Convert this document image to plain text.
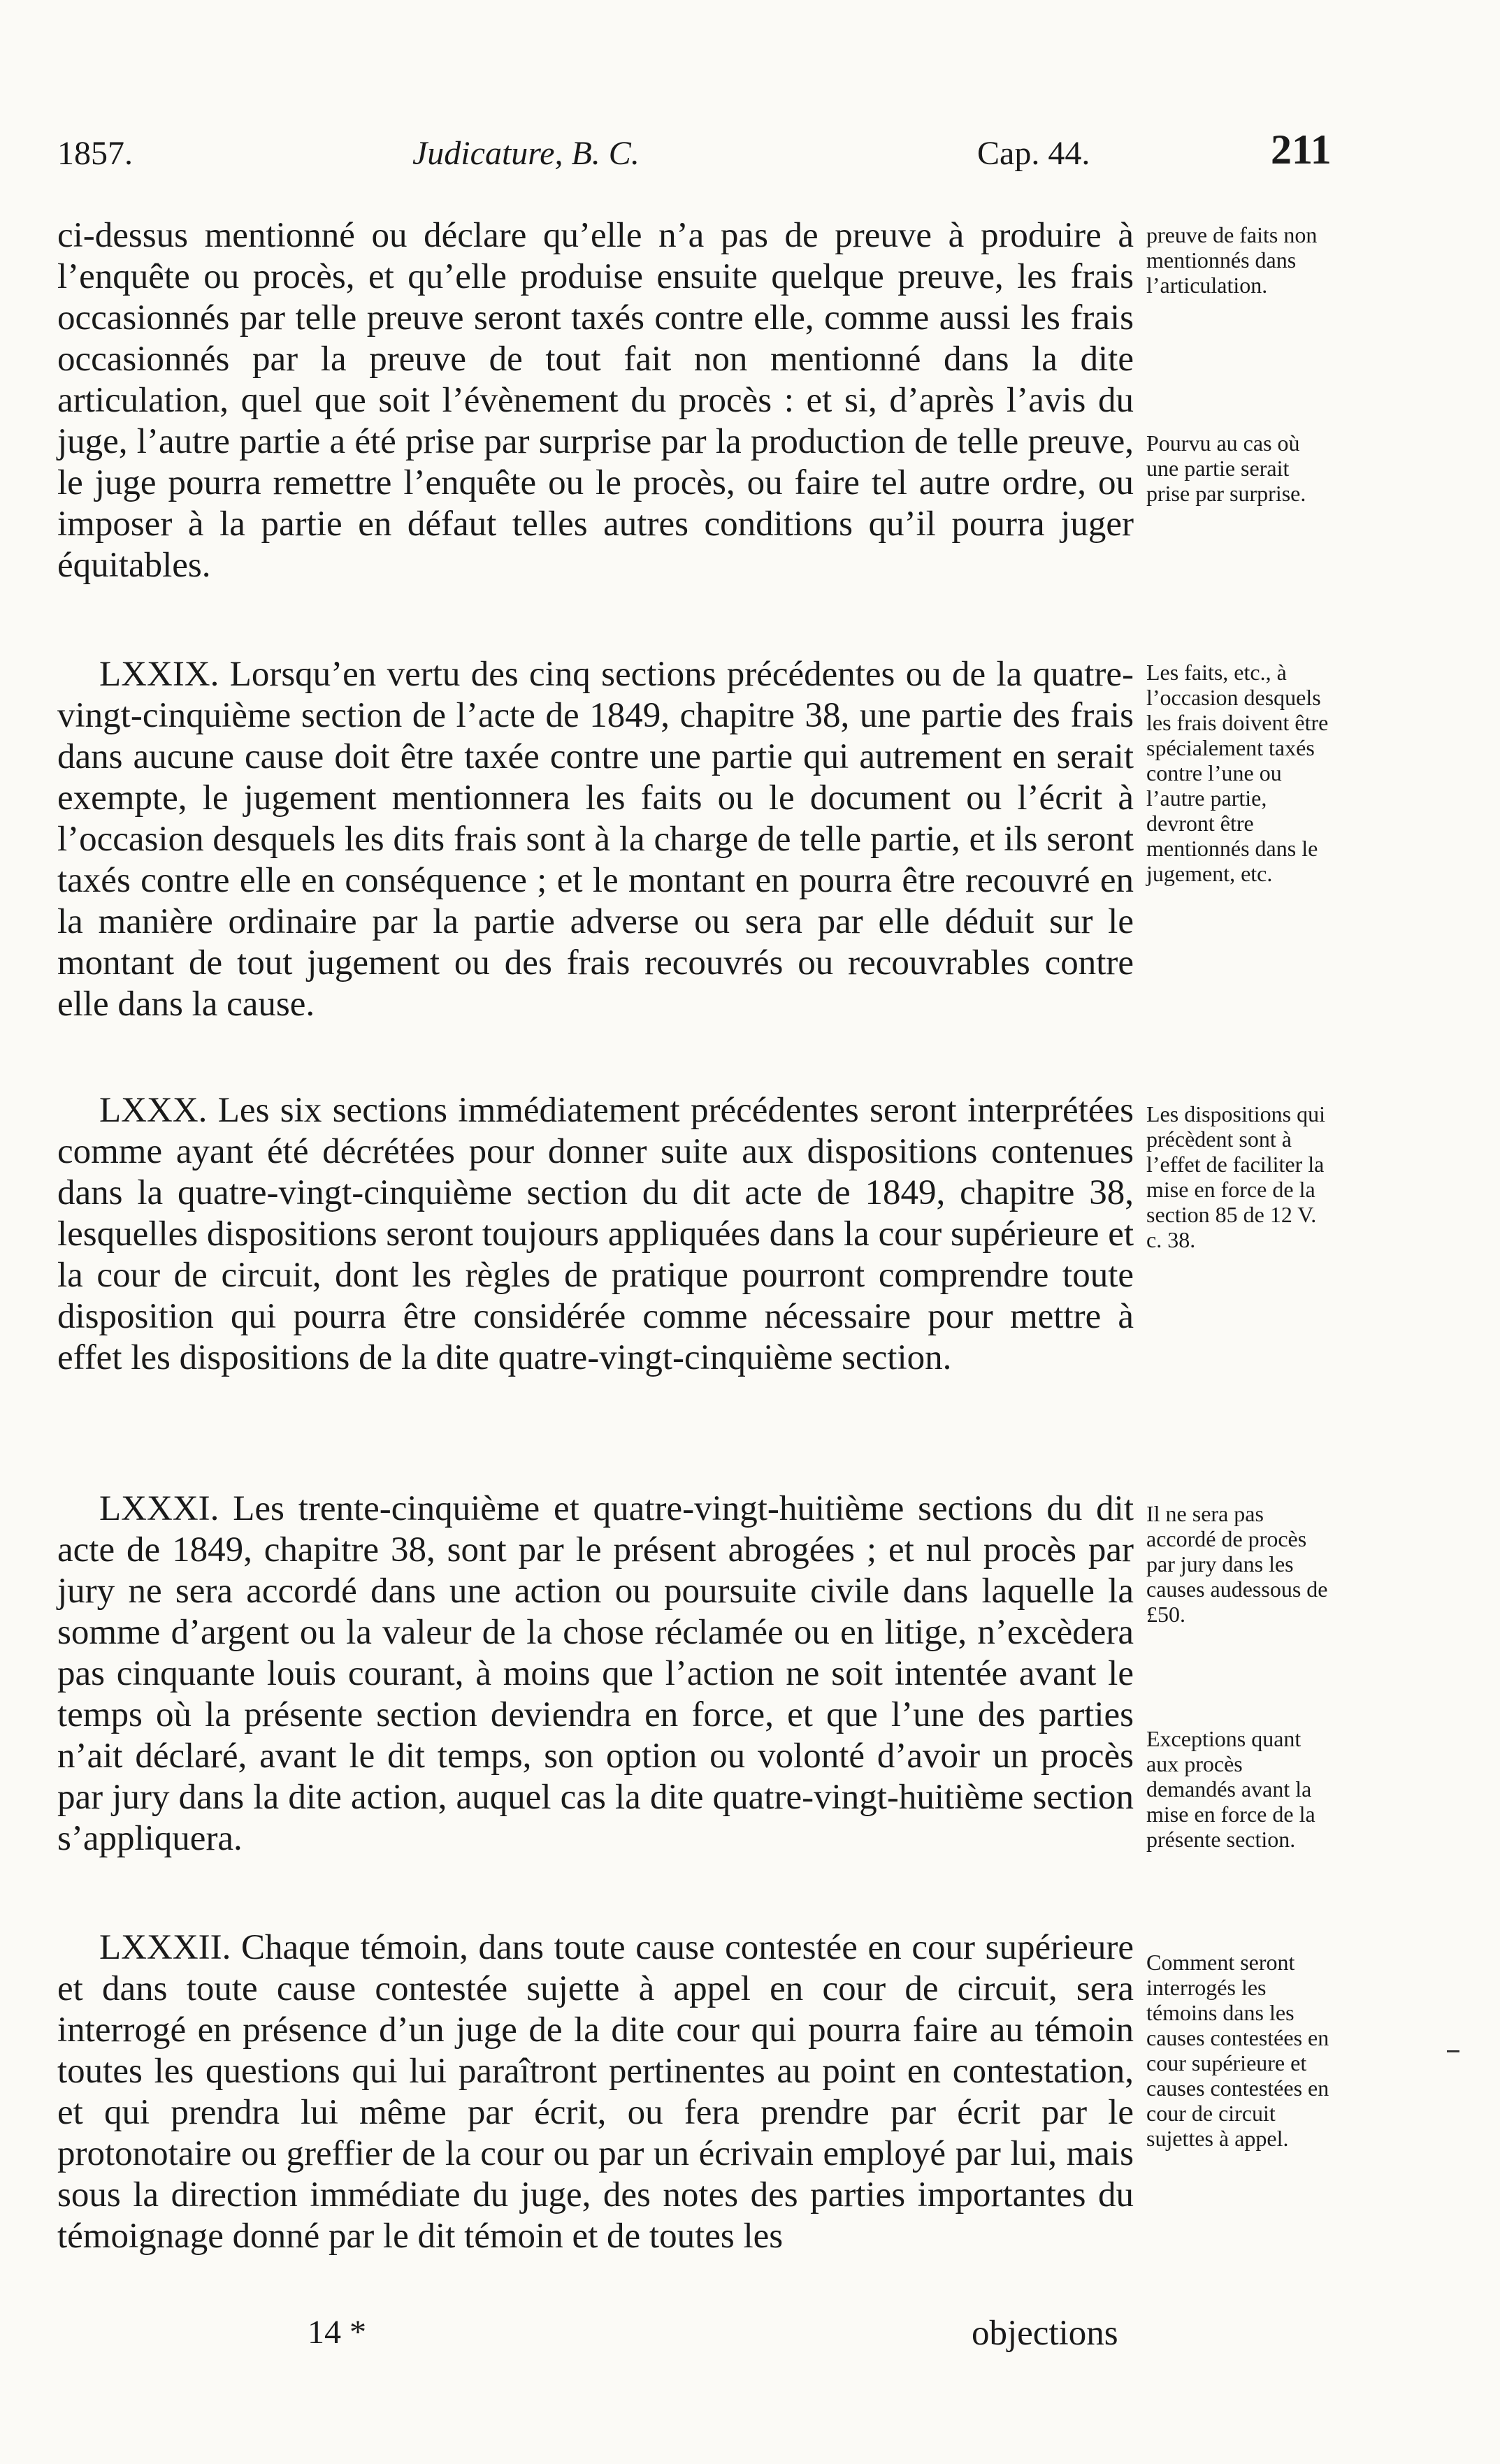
1857.	Judicature, B. C.	Cap. 44.	211

ci-dessus mentionné ou déclare qu’elle n’a pas de preuve à produire à l’enquête ou procès, et qu’elle produise ensuite quelque preuve, les frais occasionnés par telle preuve seront taxés contre elle, comme aussi les frais occasionnés par la preuve de tout fait non mentionné dans la dite articulation, quel que soit l’évènement du procès : et si, d’après l’avis du juge, l’autre partie a été prise par surprise par la production de telle preuve, le juge pourra remettre l’enquête ou le procès, ou faire tel autre ordre, ou imposer à la partie en défaut telles autres conditions qu’il pourra juger équitables.

LXXIX. Lorsqu’en vertu des cinq sections précédentes ou de la quatre-vingt-cinquième section de l’acte de 1849, chapitre 38, une partie des frais dans aucune cause doit être taxée contre une partie qui autrement en serait exempte, le jugement mentionnera les faits ou le document ou l’écrit à l’occasion desquels les dits frais sont à la charge de telle partie, et ils seront taxés contre elle en conséquence ; et le montant en pourra être recouvré en la manière ordinaire par la partie adverse ou sera par elle déduit sur le montant de tout jugement ou des frais recouvrés ou recouvrables contre elle dans la cause.

LXXX. Les six sections immédiatement précédentes seront interprétées comme ayant été décrétées pour donner suite aux dispositions contenues dans la quatre-vingt-cinquième section du dit acte de 1849, chapitre 38, lesquelles dispositions seront toujours appliquées dans la cour supérieure et la cour de circuit, dont les règles de pratique pourront comprendre toute disposition qui pourra être considérée comme nécessaire pour mettre à effet les dispositions de la dite quatre-vingt-cinquième section.

LXXXI. Les trente-cinquième et quatre-vingt-huitième sections du dit acte de 1849, chapitre 38, sont par le présent abrogées ; et nul procès par jury ne sera accordé dans une action ou poursuite civile dans laquelle la somme d’argent ou la valeur de la chose réclamée ou en litige, n’excèdera pas cinquante louis courant, à moins que l’action ne soit intentée avant le temps où la présente section deviendra en force, et que l’une des parties n’ait déclaré, avant le dit temps, son option ou volonté d’avoir un procès par jury dans la dite action, auquel cas la dite quatre-vingt-huitième section s’appliquera.

LXXXII. Chaque témoin, dans toute cause contestée en cour supérieure et dans toute cause contestée sujette à appel en cour de circuit, sera interrogé en présence d’un juge de la dite cour qui pourra faire au témoin toutes les questions qui lui paraîtront pertinentes au point en contestation, et qui prendra lui même par écrit, ou fera prendre par écrit par le protonotaire ou greffier de la cour ou par un écrivain employé par lui, mais sous la direction immédiate du juge, des notes des parties importantes du témoignage donné par le dit témoin et de toutes les

preuve de faits non mentionnés dans l’articulation.
Pourvu au cas où une partie serait prise par surprise.
Les faits, etc., à l’occasion desquels les frais doivent être spécialement taxés contre l’une ou l’autre partie, devront être mentionnés dans le jugement, etc.
Les dispositions qui précèdent sont à l’effet de faciliter la mise en force de la section 85 de 12 V. c. 38.
Il ne sera pas accordé de procès par jury dans les causes audessous de £50.
Exceptions quant aux procès demandés avant la mise en force de la présente section.
Comment seront interrogés les témoins dans les causes contestées en cour supérieure et causes contestées en cour de circuit sujettes à appel.
14 *	objections
